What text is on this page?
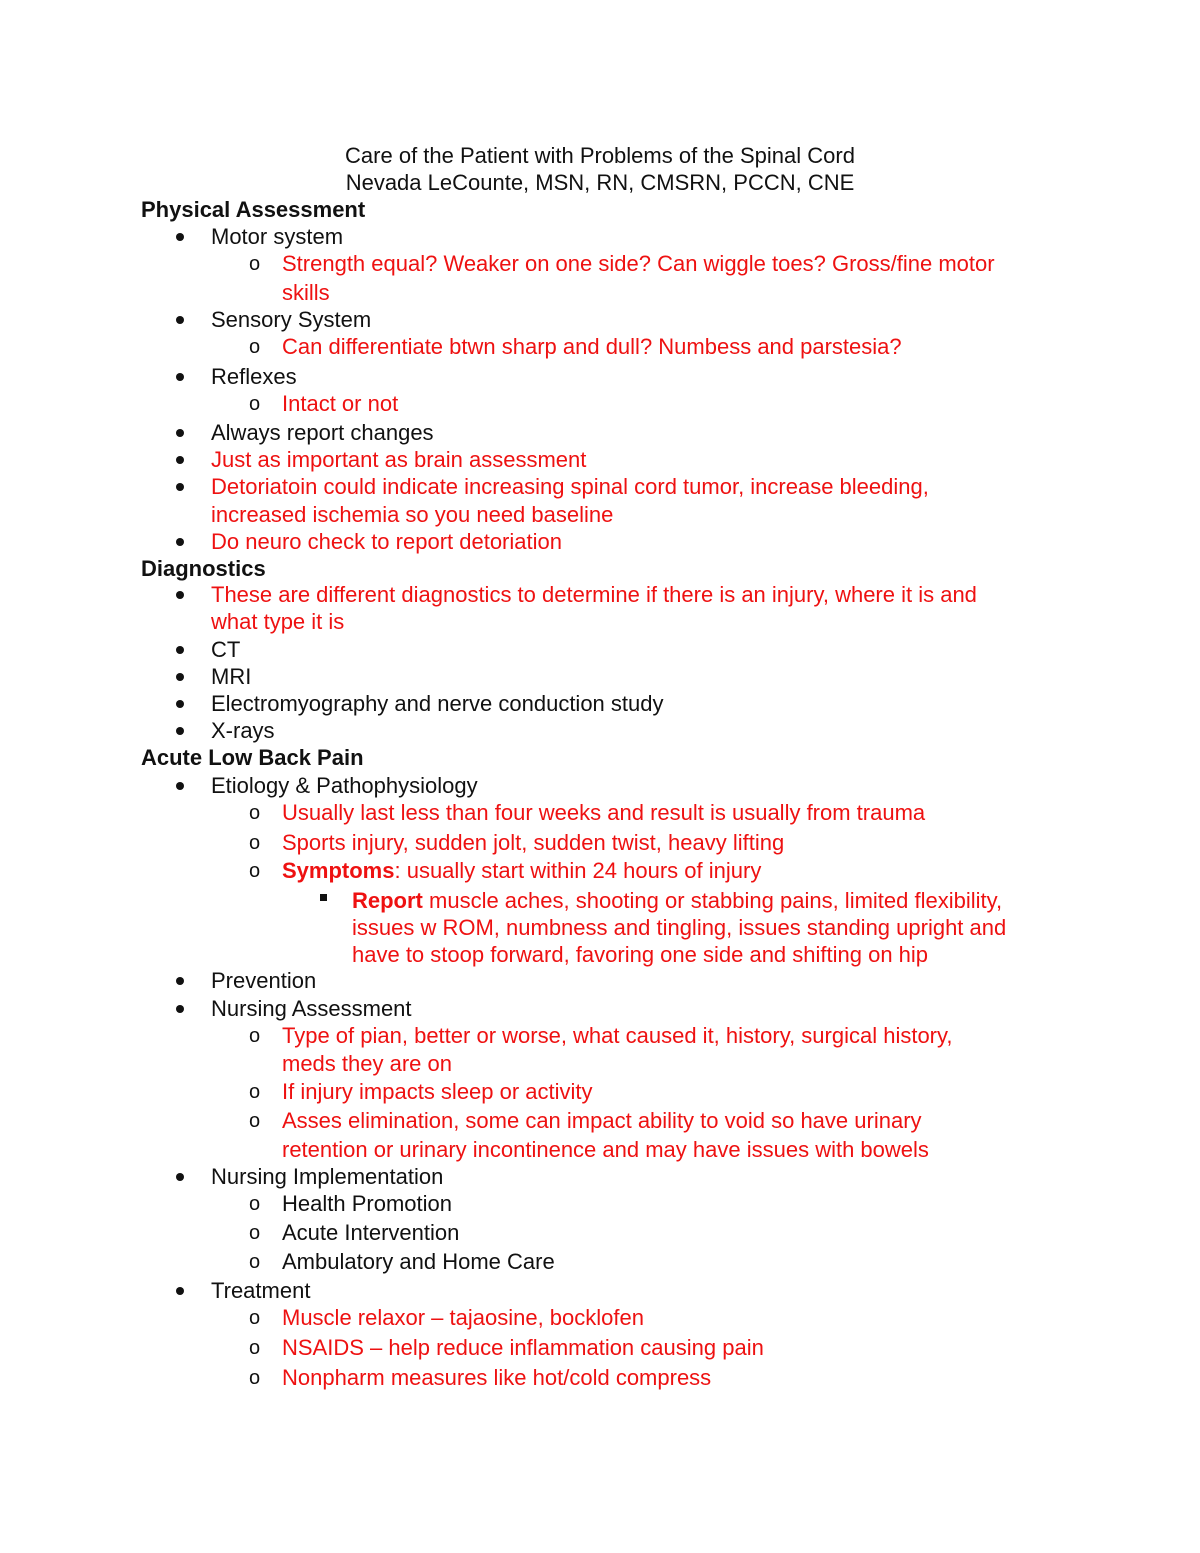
Care of the Patient with Problems of the Spinal Cord
Nevada LeCounte, MSN, RN, CMSRN, PCCN, CNE
Physical Assessment
Motor system
o Strength equal? Weaker on one side? Can wiggle toes? Gross/fine motor
skills
Sensory System
o Can differentiate btwn sharp and dull? Numbess and parstesia?
Reflexes
o Intact or not
Always report changes
Just as important as brain assessment
Detoriatoin could indicate increasing spinal cord tumor, increase bleeding,
increased ischemia so you need baseline
Do neuro check to report detoriation
Diagnostics
These are different diagnostics to determine if there is an injury, where it is and
what type it is
CT
MRI
Electromyography and nerve conduction study
X-rays
Acute Low Back Pain
Etiology & Pathophysiology
o Usually last less than four weeks and result is usually from trauma
o Sports injury, sudden jolt, sudden twist, heavy lifting
o Symptoms: usually start within 24 hours of injury
Report muscle aches, shooting or stabbing pains, limited flexibility,
issues w ROM, numbness and tingling, issues standing upright and
have to stoop forward, favoring one side and shifting on hip
Prevention
Nursing Assessment
o Type of pian, better or worse, what caused it, history, surgical history,
meds they are on
o If injury impacts sleep or activity
o Asses elimination, some can impact ability to void so have urinary
retention or urinary incontinence and may have issues with bowels
Nursing Implementation
o Health Promotion
o Acute Intervention
o Ambulatory and Home Care
Treatment
o Muscle relaxor – tajaosine, bocklofen
o NSAIDS – help reduce inflammation causing pain
o Nonpharm measures like hot/cold compress
